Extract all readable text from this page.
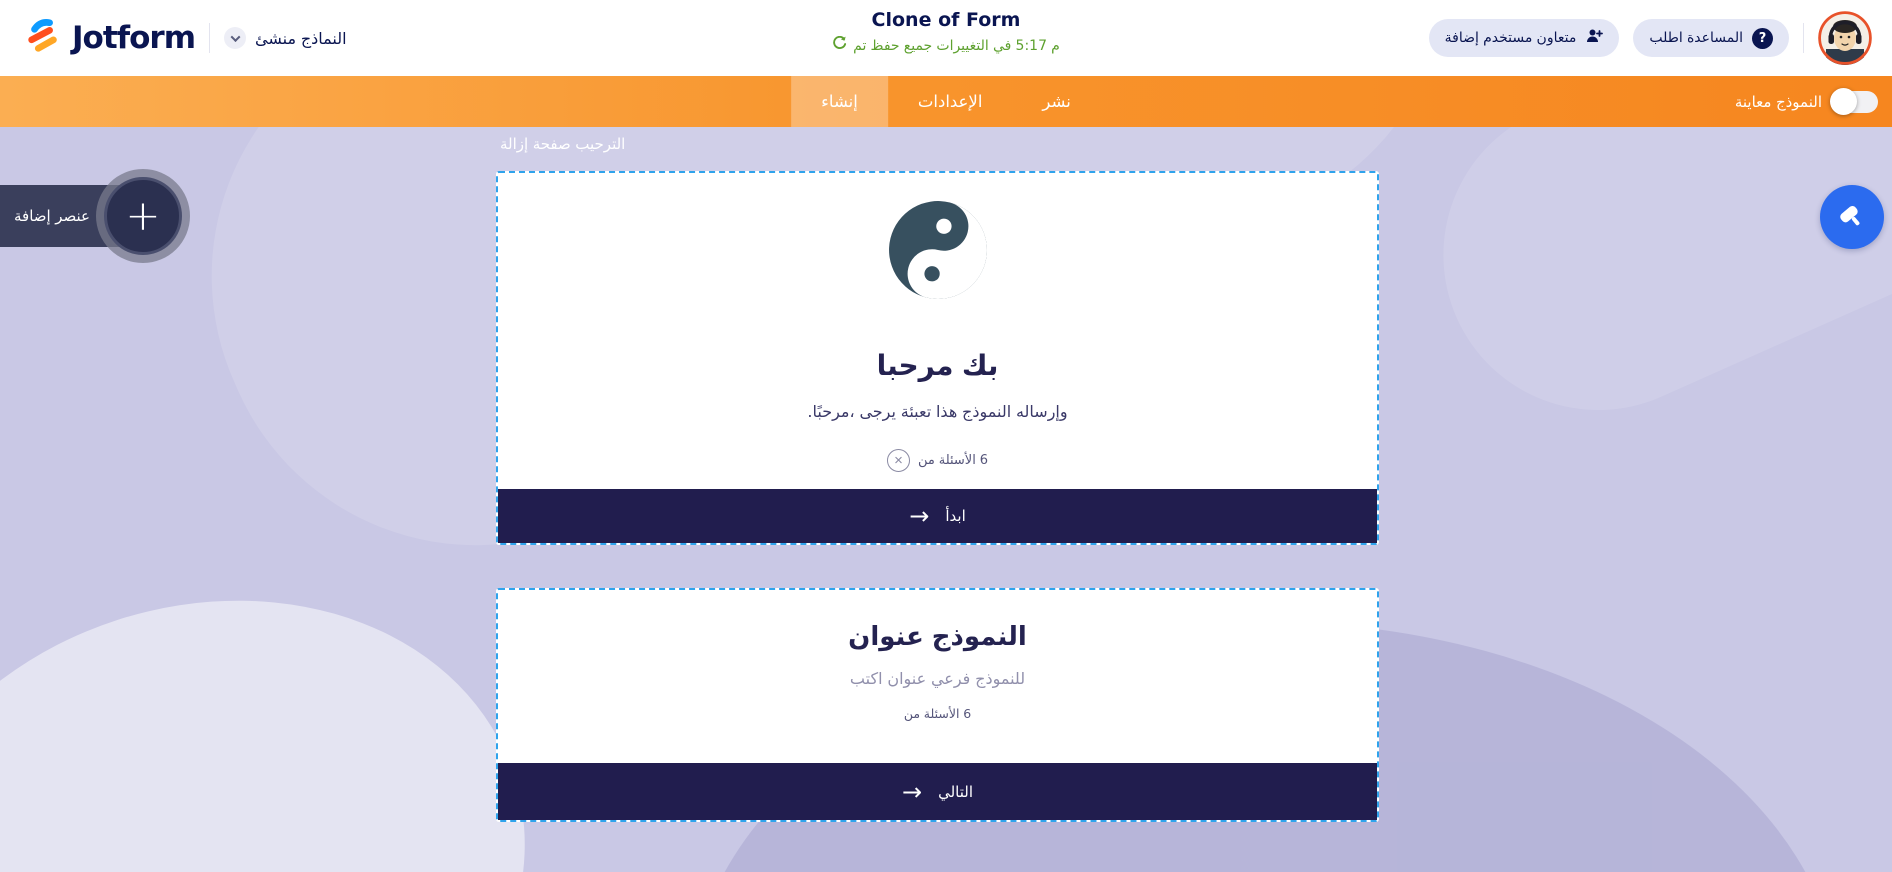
Jotform	منشئ النماذج
Clone of Form
تم حفظ جميع التغييرات في 5:17 م	إضافة مستخدم متعاون	اطلب المساعدة	?
إنشاء	الإعدادات	نشر	معاينة النموذج
إزالة صفحة الترحيب
مرحبا بك

.مرحبًا، يرجى تعبئة هذا النموذج وإرساله

×	من الأسئلة 6
→ ابدأ
عنوان النموذج

اكتب عنوان فرعي للنموذج

من الأسئلة 6
→ التالي
إضافة عنصر +
